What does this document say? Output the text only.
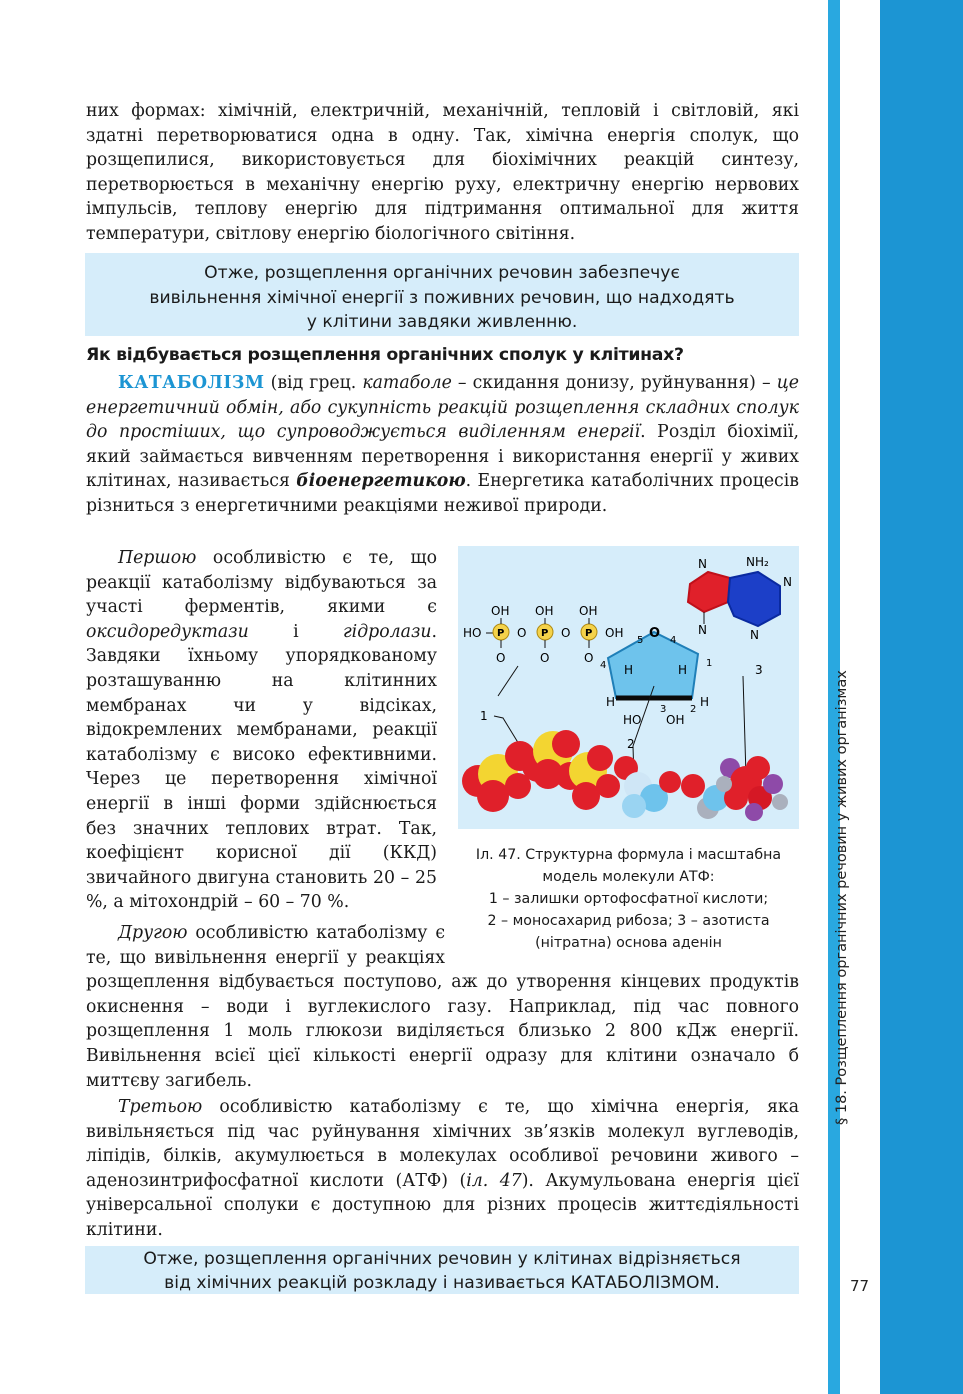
§ 18. Розщеплення органічних речовин у живих організмах
77

них формах: хімічній, електричній, механічній, тепловій і світловій, які здатні перетворюватися одна в одну. Так, хімічна енергія сполук, що розщепилися, використовується для біохімічних реакцій синтезу, перетворюється в механічну енергію руху, електричну енергію нервових імпульсів, теплову енергію для підтримання оптимальної для життя температури, світлову енергію біологічного світіння.

Отже, розщеплення органічних речовин забезпечує
вивільнення хімічної енергії з поживних речовин, що надходять
у клітини завдяки живленню.
Як відбувається розщеплення органічних сполук у клітинах?

КАТАБОЛІЗМ (від грец. катаболе – скидання донизу, руйнування) – це енергетичний обмін, або сукупність реакцій розщеплення складних сполук до простіших, що супроводжується виділенням енергії. Розділ біохімії, який займається вивченням перетворення і використання енергії у живих клітинах, називається біоенергетикою. Енергетика катаболічних процесів різниться з енергетичними реакціями неживої природи.

Першою особливістю є те, що реакції катаболізму відбуваються за участі ферментів, якими є оксидоредуктази і гідролази. Завдяки їхньому упорядкованому розташуванню на клітинних мембранах чи у відсіках, відокремлених мембранами, реакції катаболізму є високо ефективними. Через це перетворення хімічної енергії в інші форми здійснюється без значних теплових втрат. Так, коефіцієнт корисної дії (ККД) звичайного двигуна становить 20 – 25 %, а мітохондрій – 60 – 70 %.

Другою особливістю катаболізму є те, що вивільнення енергії у реакціях розщеплення відбувається поступово, аж до утворення кінцевих продуктів окиснення – води і вуглекислого газу. Наприклад, під час повного розщеплення 1 моль глюкози виділяється близько 2 800 кДж енергії. Вивільнення всієї цієї кількості енергії одразу для клітини означало б миттєву загибель.

Третьою особливістю катаболізму є те, що хімічна енергія, яка вивільняється під час руйнування хімічних зв’язків молекул вуглеводів, ліпідів, білків, акумулюється в молекулах особливої речовини живого – аденозинтрифосфатної кислоти (АТФ) (іл. 47). Акумульована енергія цієї універсальної сполуки є доступною для різних процесів життєдіяльності клітини.

Отже, розщеплення органічних речовин у клітинах відрізняється
від хімічних реакцій розкладу і називається КАТАБОЛІЗМОМ.
N	NH₂
N
N
N
OH OH OH
HO P O P O P OH
O	O	O
O
5	4
4	1
3 2
H	H
H	H
HO OH
1
2
3
Іл. 47. Структурна формула і масштабна
модель молекули АТФ:
1 – залишки ортофосфатної кислоти;
2 – моносахарид рибоза; 3 – азотиста
(нітратна) основа аденін
